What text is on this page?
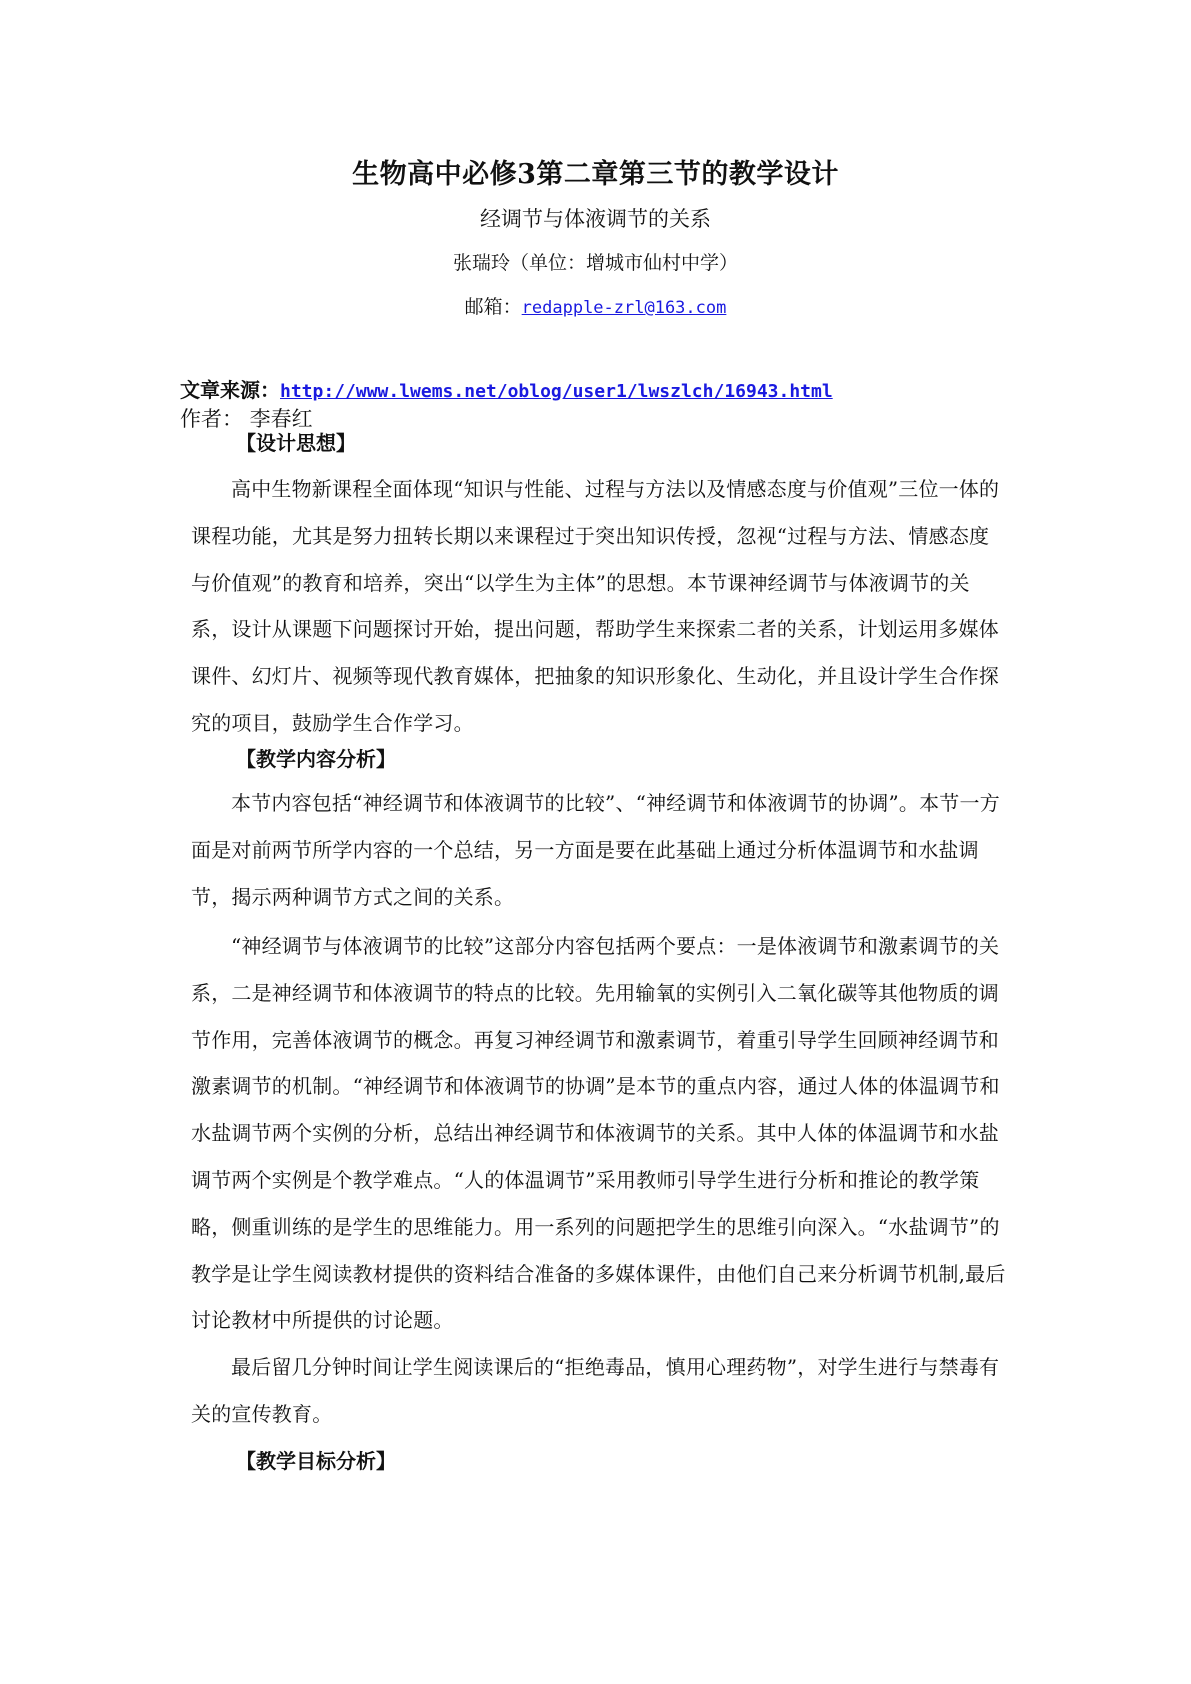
生物高中必修3第二章第三节的教学设计
经调节与体液调节的关系
张瑞玲（单位：增城市仙村中学）
邮箱：redapple-zrl@163.com
文章来源：http://www.lwems.net/oblog/user1/lwszlch/16943.html
作者： 李春红
【设计思想】

高中生物新课程全面体现“知识与性能、过程与方法以及情感态度与价值观”三位一体的课程功能，尤其是努力扭转长期以来课程过于突出知识传授，忽视“过程与方法、情感态度与价值观”的教育和培养，突出“以学生为主体”的思想。本节课神经调节与体液调节的关系，设计从课题下问题探讨开始，提出问题，帮助学生来探索二者的关系，计划运用多媒体课件、幻灯片、视频等现代教育媒体，把抽象的知识形象化、生动化，并且设计学生合作探究的项目，鼓励学生合作学习。

【教学内容分析】

本节内容包括“神经调节和体液调节的比较”、“神经调节和体液调节的协调”。本节一方面是对前两节所学内容的一个总结，另一方面是要在此基础上通过分析体温调节和水盐调节，揭示两种调节方式之间的关系。

“神经调节与体液调节的比较”这部分内容包括两个要点：一是体液调节和激素调节的关系，二是神经调节和体液调节的特点的比较。先用输氧的实例引入二氧化碳等其他物质的调节作用，完善体液调节的概念。再复习神经调节和激素调节，着重引导学生回顾神经调节和激素调节的机制。“神经调节和体液调节的协调”是本节的重点内容，通过人体的体温调节和水盐调节两个实例的分析，总结出神经调节和体液调节的关系。其中人体的体温调节和水盐调节两个实例是个教学难点。“人的体温调节”采用教师引导学生进行分析和推论的教学策略，侧重训练的是学生的思维能力。用一系列的问题把学生的思维引向深入。“水盐调节”的教学是让学生阅读教材提供的资料结合准备的多媒体课件，由他们自己来分析调节机制,最后讨论教材中所提供的讨论题。

最后留几分钟时间让学生阅读课后的“拒绝毒品，慎用心理药物”，对学生进行与禁毒有关的宣传教育。

【教学目标分析】
